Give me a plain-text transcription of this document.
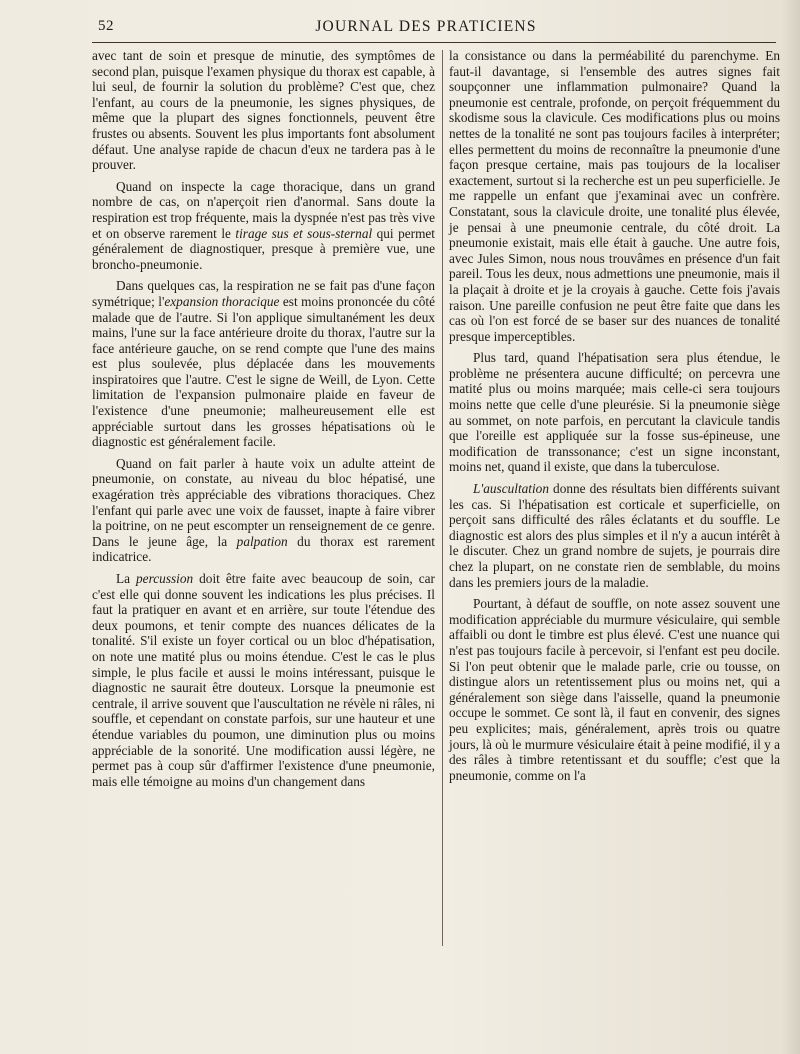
52	JOURNAL DES PRATICIENS

avec tant de soin et presque de minutie, des symptômes de second plan, puisque l'examen physique du thorax est capable, à lui seul, de fournir la solution du problème? C'est que, chez l'enfant, au cours de la pneumonie, les signes physiques, de même que la plupart des signes fonctionnels, peuvent être frustes ou absents. Souvent les plus importants font absolument défaut. Une analyse rapide de chacun d'eux ne tardera pas à le prouver.

Quand on inspecte la cage thoracique, dans un grand nombre de cas, on n'aperçoit rien d'anormal. Sans doute la respiration est trop fréquente, mais la dyspnée n'est pas très vive et on observe rarement le tirage sus et sous-sternal qui permet généralement de diagnostiquer, presque à première vue, une broncho-pneumonie.

Dans quelques cas, la respiration ne se fait pas d'une façon symétrique; l'expansion thoracique est moins prononcée du côté malade que de l'autre. Si l'on applique simultanément les deux mains, l'une sur la face antérieure droite du thorax, l'autre sur la face antérieure gauche, on se rend compte que l'une des mains est plus soulevée, plus déplacée dans les mouvements inspiratoires que l'autre. C'est le signe de Weill, de Lyon. Cette limitation de l'expansion pulmonaire plaide en faveur de l'existence d'une pneumonie; malheureusement elle est appréciable surtout dans les grosses hépatisations où le diagnostic est généralement facile.

Quand on fait parler à haute voix un adulte atteint de pneumonie, on constate, au niveau du bloc hépatisé, une exagération très appréciable des vibrations thoraciques. Chez l'enfant qui parle avec une voix de fausset, inapte à faire vibrer la poitrine, on ne peut escompter un renseignement de ce genre. Dans le jeune âge, la palpation du thorax est rarement indicatrice.

La percussion doit être faite avec beaucoup de soin, car c'est elle qui donne souvent les indications les plus précises. Il faut la pratiquer en avant et en arrière, sur toute l'étendue des deux poumons, et tenir compte des nuances délicates de la tonalité. S'il existe un foyer cortical ou un bloc d'hépatisation, on note une matité plus ou moins étendue. C'est le cas le plus simple, le plus facile et aussi le moins intéressant, puisque le diagnostic ne saurait être douteux. Lorsque la pneumonie est centrale, il arrive souvent que l'auscultation ne révèle ni râles, ni souffle, et cependant on constate parfois, sur une hauteur et une étendue variables du poumon, une diminution plus ou moins appréciable de la sonorité. Une modification aussi légère, ne permet pas à coup sûr d'affirmer l'existence d'une pneumonie, mais elle témoigne au moins d'un changement dans

la consistance ou dans la perméabilité du parenchyme. En faut-il davantage, si l'ensemble des autres signes fait soupçonner une inflammation pulmonaire? Quand la pneumonie est centrale, profonde, on perçoit fréquemment du skodisme sous la clavicule. Ces modifications plus ou moins nettes de la tonalité ne sont pas toujours faciles à interpréter; elles permettent du moins de reconnaître la pneumonie d'une façon presque certaine, mais pas toujours de la localiser exactement, surtout si la recherche est un peu superficielle. Je me rappelle un enfant que j'examinai avec un confrère. Constatant, sous la clavicule droite, une tonalité plus élevée, je pensai à une pneumonie centrale, du côté droit. La pneumonie existait, mais elle était à gauche. Une autre fois, avec Jules Simon, nous nous trouvâmes en présence d'un fait pareil. Tous les deux, nous admettions une pneumonie, mais il la plaçait à droite et je la croyais à gauche. Cette fois j'avais raison. Une pareille confusion ne peut être faite que dans les cas où l'on est forcé de se baser sur des nuances de tonalité presque imperceptibles.

Plus tard, quand l'hépatisation sera plus étendue, le problème ne présentera aucune difficulté; on percevra une matité plus ou moins marquée; mais celle-ci sera toujours moins nette que celle d'une pleurésie. Si la pneumonie siège au sommet, on note parfois, en percutant la clavicule tandis que l'oreille est appliquée sur la fosse sus-épineuse, une modification de transsonance; c'est un signe inconstant, moins net, quand il existe, que dans la tuberculose.

L'auscultation donne des résultats bien différents suivant les cas. Si l'hépatisation est corticale et superficielle, on perçoit sans difficulté des râles éclatants et du souffle. Le diagnostic est alors des plus simples et il n'y a aucun intérêt à le discuter. Chez un grand nombre de sujets, je pourrais dire chez la plupart, on ne constate rien de semblable, du moins dans les premiers jours de la maladie.

Pourtant, à défaut de souffle, on note assez souvent une modification appréciable du murmure vésiculaire, qui semble affaibli ou dont le timbre est plus élevé. C'est une nuance qui n'est pas toujours facile à percevoir, si l'enfant est peu docile. Si l'on peut obtenir que le malade parle, crie ou tousse, on distingue alors un retentissement plus ou moins net, qui a généralement son siège dans l'aisselle, quand la pneumonie occupe le sommet. Ce sont là, il faut en convenir, des signes peu explicites; mais, généralement, après trois ou quatre jours, là où le murmure vésiculaire était à peine modifié, il y a des râles à timbre retentissant et du souffle; c'est que la pneumonie, comme on l'a
